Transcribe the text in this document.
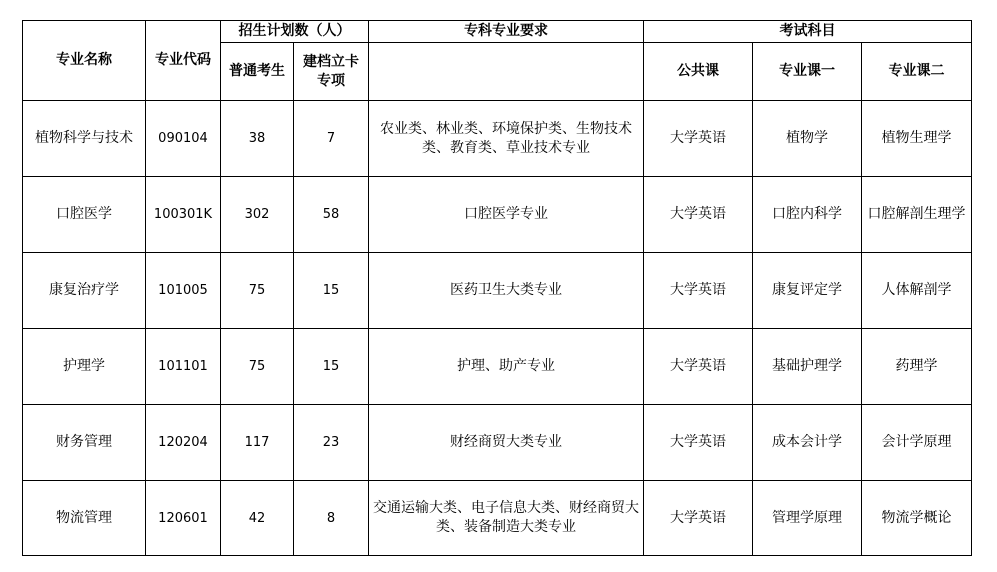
专业名称	专业代码	招生计划数（人）		专科专业要求	考试科目		
		普通考生	建档立卡专项		公共课	专业课一	专业课二
植物科学与技术	090104	38	7	农业类、林业类、环境保护类、生物技术类、教育类、草业技术专业	大学英语	植物学	植物生理学
口腔医学	100301K	302	58	口腔医学专业	大学英语	口腔内科学	口腔解剖生理学
康复治疗学	101005	75	15	医药卫生大类专业	大学英语	康复评定学	人体解剖学
护理学	101101	75	15	护理、助产专业	大学英语	基础护理学	药理学
财务管理	120204	117	23	财经商贸大类专业	大学英语	成本会计学	会计学原理
物流管理	120601	42	8	交通运输大类、电子信息大类、财经商贸大类、装备制造大类专业	大学英语	管理学原理	物流学概论
